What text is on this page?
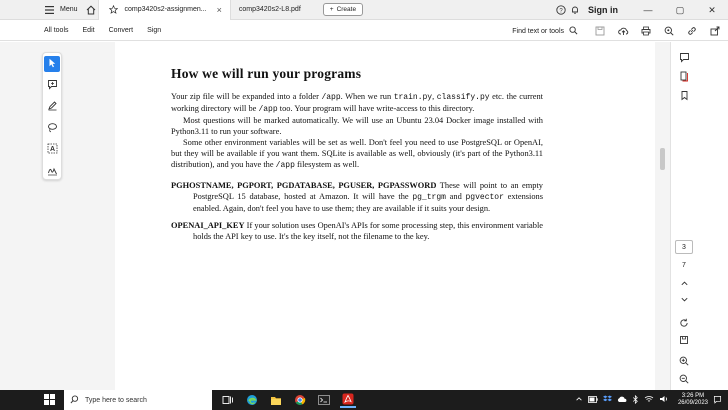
Menu	comp3420s2-assignmen... × comp3420s2-L8.pdf	+ Create	?	Sign in	—	▢	✕
All tools Edit Convert Sign	Find text or tools
A
How we will run your programs

Your zip file will be expanded into a folder /app. When we run train.py, classify.py etc. the current working directory will be /app too. Your program will have write-access to this directory.

Most questions will be marked automatically. We will use an Ubuntu 23.04 Docker image installed with Python3.11 to run your software.

Some other environment variables will be set as well. Don't feel you need to use PostgreSQL or OpenAI, but they will be available if you want them. SQLite is available as well, obviously (it's part of the Python3.11 distribution), and you have the /app filesystem as well.

PGHOSTNAME, PGPORT, PGDATABASE, PGUSER, PGPASSWORD These will point to an empty PostgreSQL 15 database, hosted at Amazon. It will have the pg_trgm and pgvector extensions enabled. Again, don't feel you have to use them; they are available if it suits your design.

OPENAI_API_KEY If your solution uses OpenAI's APIs for some processing step, this environment variable holds the API key to use. It's the key itself, not the filename to the key.

3
7
Type here to search
3:26 PM
26/09/2023
